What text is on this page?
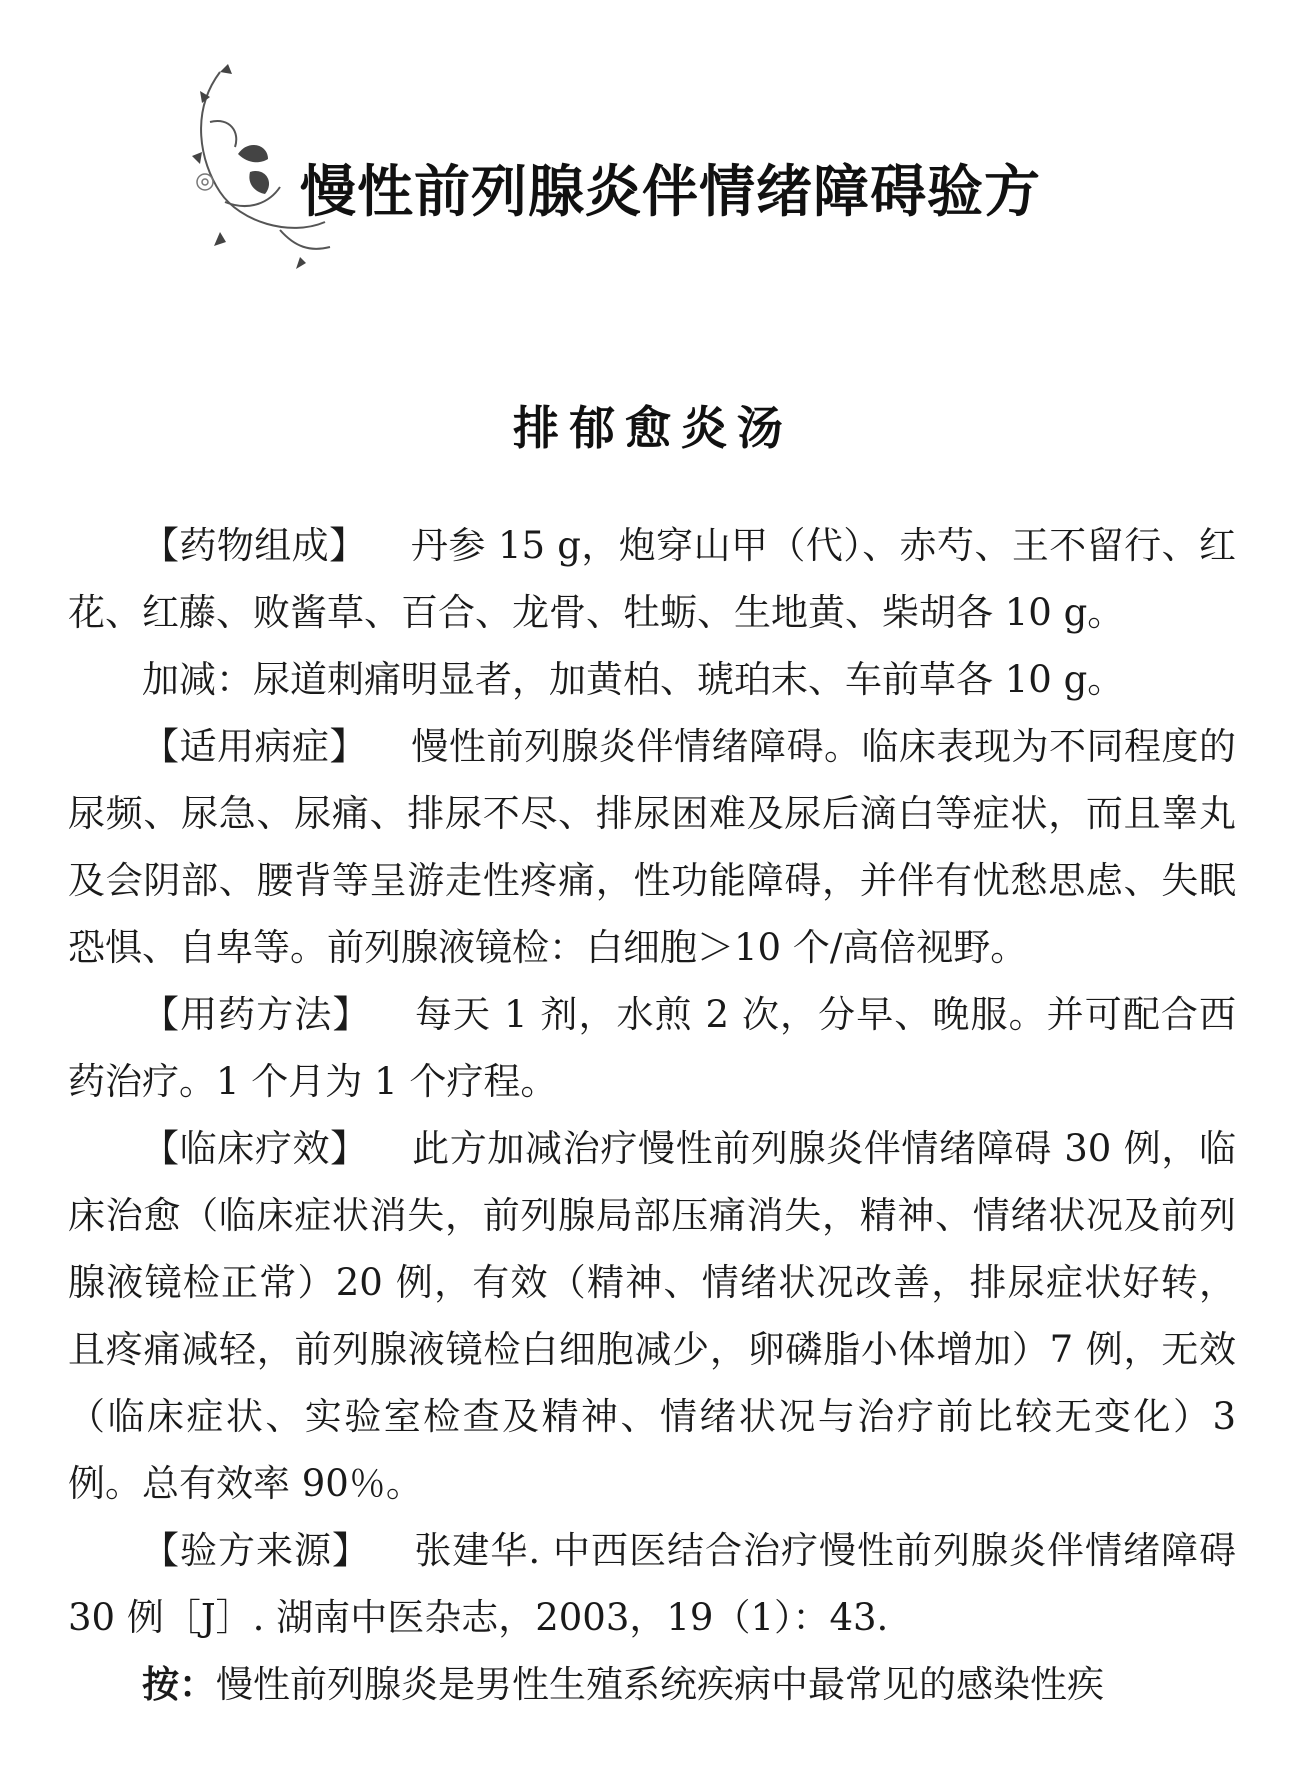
慢性前列腺炎伴情绪障碍验方
排郁愈炎汤

【药物组成】 丹参 15 g，炮穿山甲（代）、赤芍、王不留行、红花、红藤、败酱草、百合、龙骨、牡蛎、生地黄、柴胡各 10 g。

加减：尿道刺痛明显者，加黄柏、琥珀末、车前草各 10 g。

【适用病症】 慢性前列腺炎伴情绪障碍。临床表现为不同程度的尿频、尿急、尿痛、排尿不尽、排尿困难及尿后滴白等症状，而且睾丸及会阴部、腰背等呈游走性疼痛，性功能障碍，并伴有忧愁思虑、失眠恐惧、自卑等。前列腺液镜检：白细胞＞10 个/高倍视野。

【用药方法】 每天 1 剂，水煎 2 次，分早、晚服。并可配合西药治疗。1 个月为 1 个疗程。

【临床疗效】 此方加减治疗慢性前列腺炎伴情绪障碍 30 例，临床治愈（临床症状消失，前列腺局部压痛消失，精神、情绪状况及前列腺液镜检正常）20 例，有效（精神、情绪状况改善，排尿症状好转，且疼痛减轻，前列腺液镜检白细胞减少，卵磷脂小体增加）7 例，无效（临床症状、实验室检查及精神、情绪状况与治疗前比较无变化）3 例。总有效率 90％。

【验方来源】 张建华. 中西医结合治疗慢性前列腺炎伴情绪障碍 30 例［J］. 湖南中医杂志，2003，19（1）：43.

按：慢性前列腺炎是男性生殖系统疾病中最常见的感染性疾
